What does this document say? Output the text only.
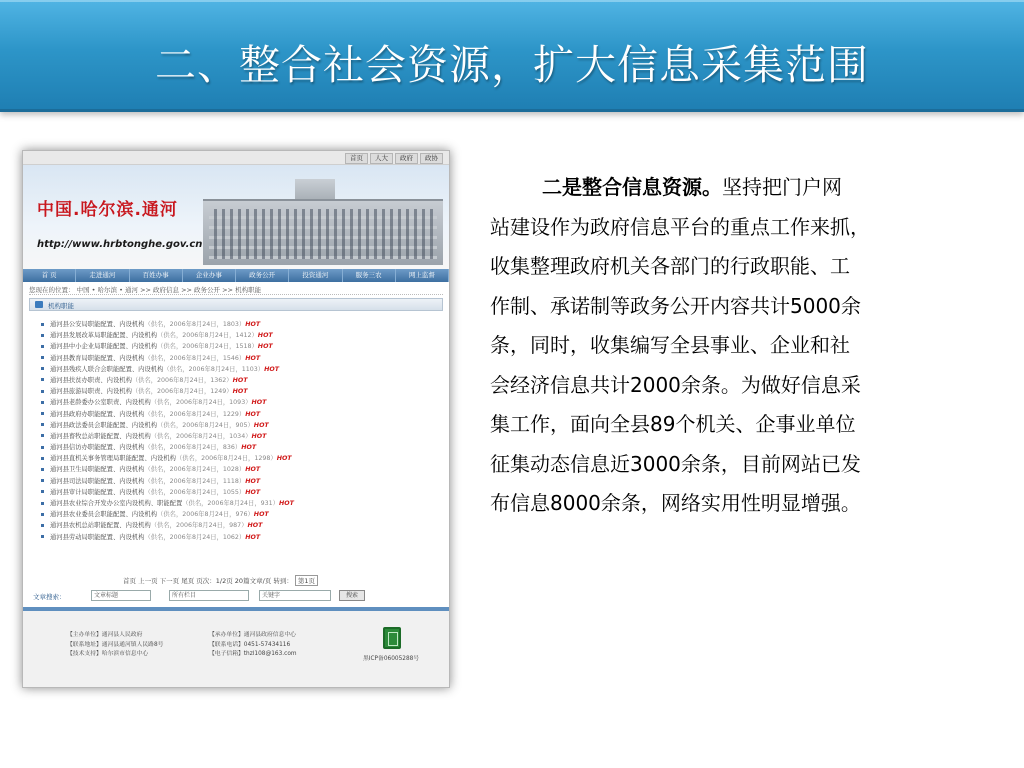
二、整合社会资源，扩大信息采集范围
首页	人大	政府	政协
中国.哈尔滨.通河
http://www.hrbtonghe.gov.cn
首 页	走进通河	百姓办事	企业办事	政务公开	投资通河	服务三农	网上监督
您现在的位置： 中国 • 哈尔滨 • 通河 >> 政府信息 >> 政务公开 >> 机构职能
机构职能
通河县公安局职能配置、内设机构（供名，2006年8月24日，1803）HOT
通河县发展改革局职能配置、内设机构（供名，2006年8月24日，1412）HOT
通河县中小企业局职能配置、内设机构（供名，2006年8月24日，1518）HOT
通河县教育局职能配置、内设机构（供名，2006年8月24日，1546）HOT
通河县残疾人联合会职能配置、内设机构（供名，2006年8月24日，1103）HOT
通河县扶贫办职责、内设机构（供名，2006年8月24日，1362）HOT
通河县旅游局职责、内设机构（供名，2006年8月24日，1249）HOT
通河县老龄委办公室职责、内设机构（供名，2006年8月24日，1093）HOT
通河县政府办职能配置、内设机构（供名，2006年8月24日，1229）HOT
通河县政法委员会职能配置、内设机构（供名，2006年8月24日，905）HOT
通河县畜牧总站职能配置、内设机构（供名，2006年8月24日，1034）HOT
通河县信访办职能配置、内设机构（供名，2006年8月24日，836）HOT
通河县直机关事务管理局职能配置、内设机构（供名，2006年8月24日，1298）HOT
通河县卫生局职能配置、内设机构（供名，2006年8月24日，1028）HOT
通河县司法局职能配置、内设机构（供名，2006年8月24日，1118）HOT
通河县审计局职能配置、内设机构（供名，2006年8月24日，1055）HOT
通河县农业综合开发办公室内设机构、职能配置（供名，2006年8月24日，931）HOT
通河县农业委员会职能配置、内设机构（供名，2006年8月24日，976）HOT
通河县农机总站职能配置、内设机构（供名，2006年8月24日，987）HOT
通河县劳动局职能配置、内设机构（供名，2006年8月24日，1062）HOT
首页 上一页 下一页 尾页 页次：1/2页 20篇文章/页 转到： 第1页
文章搜索：	文章标题	所有栏目	关键字	搜索
【主办单位】通河县人民政府
【联系地址】通河县通河镇人民路8号
【技术支持】哈尔滨市信息中心
【承办单位】通河县政府信息中心
【联系电话】0451-57434116
【电子信箱】thzl108@163.com
黑ICP备06005288号
二是整合信息资源。坚持把门户网
站建设作为政府信息平台的重点工作来抓，
收集整理政府机关各部门的行政职能、工
作制、承诺制等政务公开内容共计5000余
条，同时，收集编写全县事业、企业和社
会经济信息共计2000余条。为做好信息采
集工作，面向全县89个机关、企事业单位
征集动态信息近3000余条，目前网站已发
布信息8000余条，网络实用性明显增强。
